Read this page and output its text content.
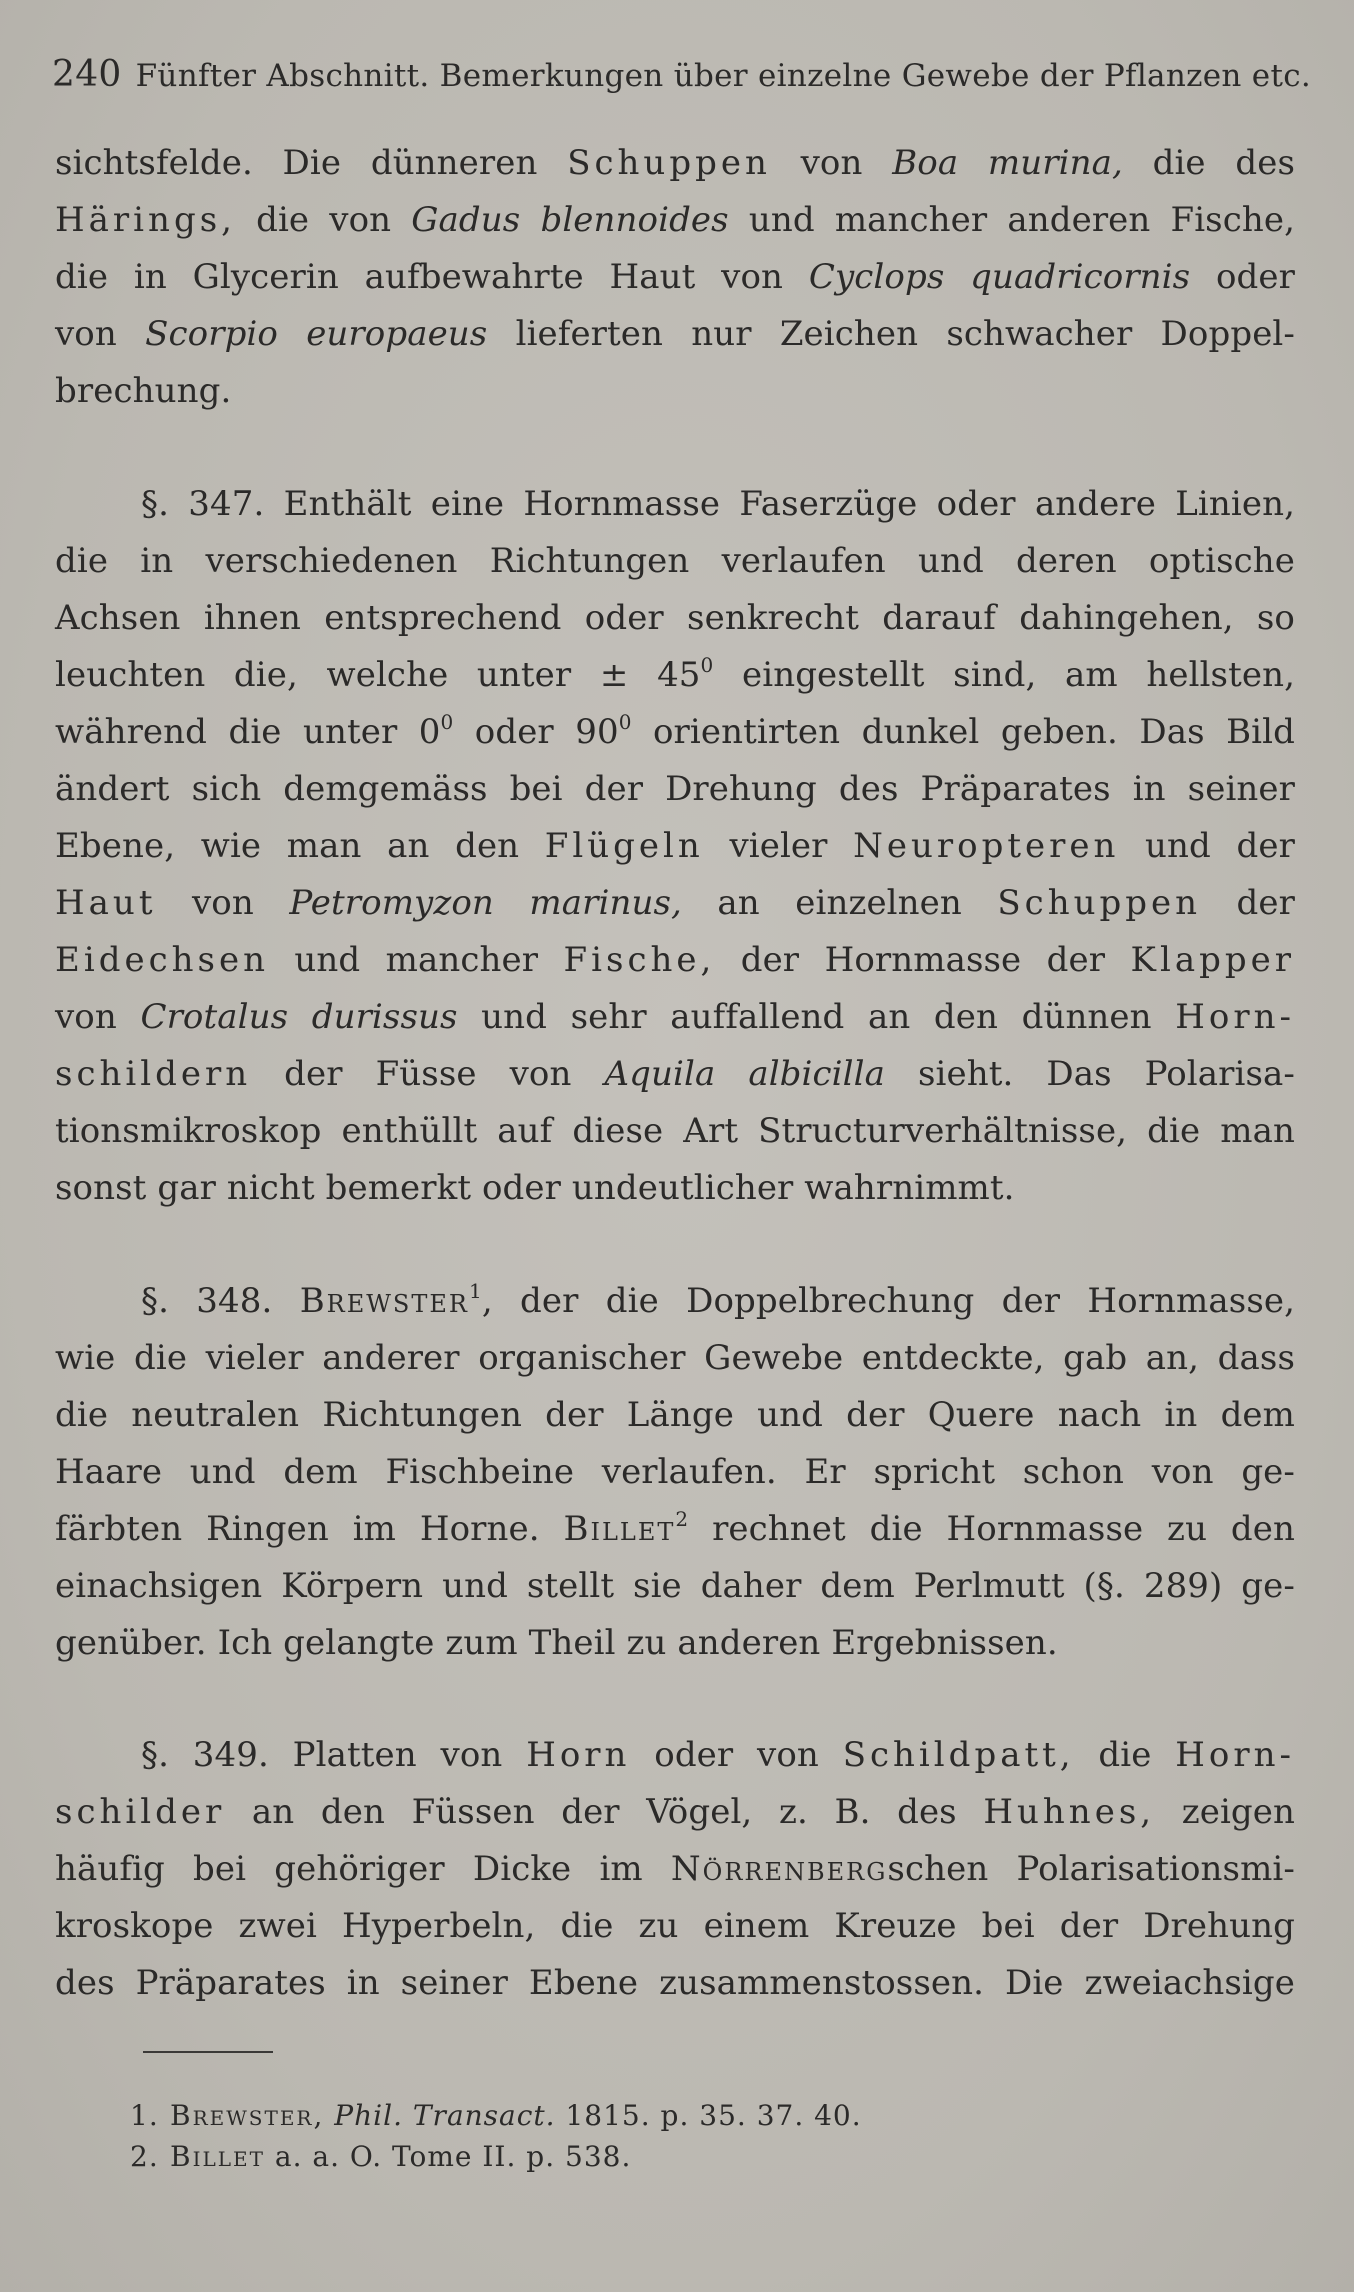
240 Fünfter Abschnitt. Bemerkungen über einzelne Gewebe der Pflanzen etc.
sichtsfelde. Die dünneren Schuppen von Boa murina, die des
Härings, die von Gadus blennoides und mancher anderen Fische,
die in Glycerin aufbewahrte Haut von Cyclops quadricornis oder
von Scorpio europaeus lieferten nur Zeichen schwacher Doppel-
brechung.
§. 347. Enthält eine Hornmasse Faserzüge oder andere Linien,
die in verschiedenen Richtungen verlaufen und deren optische
Achsen ihnen entsprechend oder senkrecht darauf dahingehen, so
leuchten die, welche unter ± $45^0$ eingestellt sind, am hellsten,
während die unter $0^0$ oder $90^0$ orientirten dunkel geben. Das Bild
ändert sich demgemäss bei der Drehung des Präparates in seiner
Ebene, wie man an den Flügeln vieler Neuropteren und der
Haut von Petromyzon marinus, an einzelnen Schuppen der
Eidechsen und mancher Fische, der Hornmasse der Klapper
von Crotalus durissus und sehr auffallend an den dünnen Horn-
schildern der Füsse von Aquila albicilla sieht. Das Polarisa-
tionsmikroskop enthüllt auf diese Art Structurverhältnisse, die man
sonst gar nicht bemerkt oder undeutlicher wahrnimmt.
§. 348. Brewster$^1$, der die Doppelbrechung der Hornmasse,
wie die vieler anderer organischer Gewebe entdeckte, gab an, dass
die neutralen Richtungen der Länge und der Quere nach in dem
Haare und dem Fischbeine verlaufen. Er spricht schon von ge-
färbten Ringen im Horne. Billet$^2$ rechnet die Hornmasse zu den
einachsigen Körpern und stellt sie daher dem Perlmutt (§. 289) ge-
genüber. Ich gelangte zum Theil zu anderen Ergebnissen.
§. 349. Platten von Horn oder von Schildpatt, die Horn-
schilder an den Füssen der Vögel, z. B. des Huhnes, zeigen
häufig bei gehöriger Dicke im Nörrenbergschen Polarisationsmi-
kroskope zwei Hyperbeln, die zu einem Kreuze bei der Drehung
des Präparates in seiner Ebene zusammenstossen. Die zweiachsige
1. Brewster, Phil. Transact. 1815. p. 35. 37. 40.
2. Billet a. a. O. Tome II. p. 538.
